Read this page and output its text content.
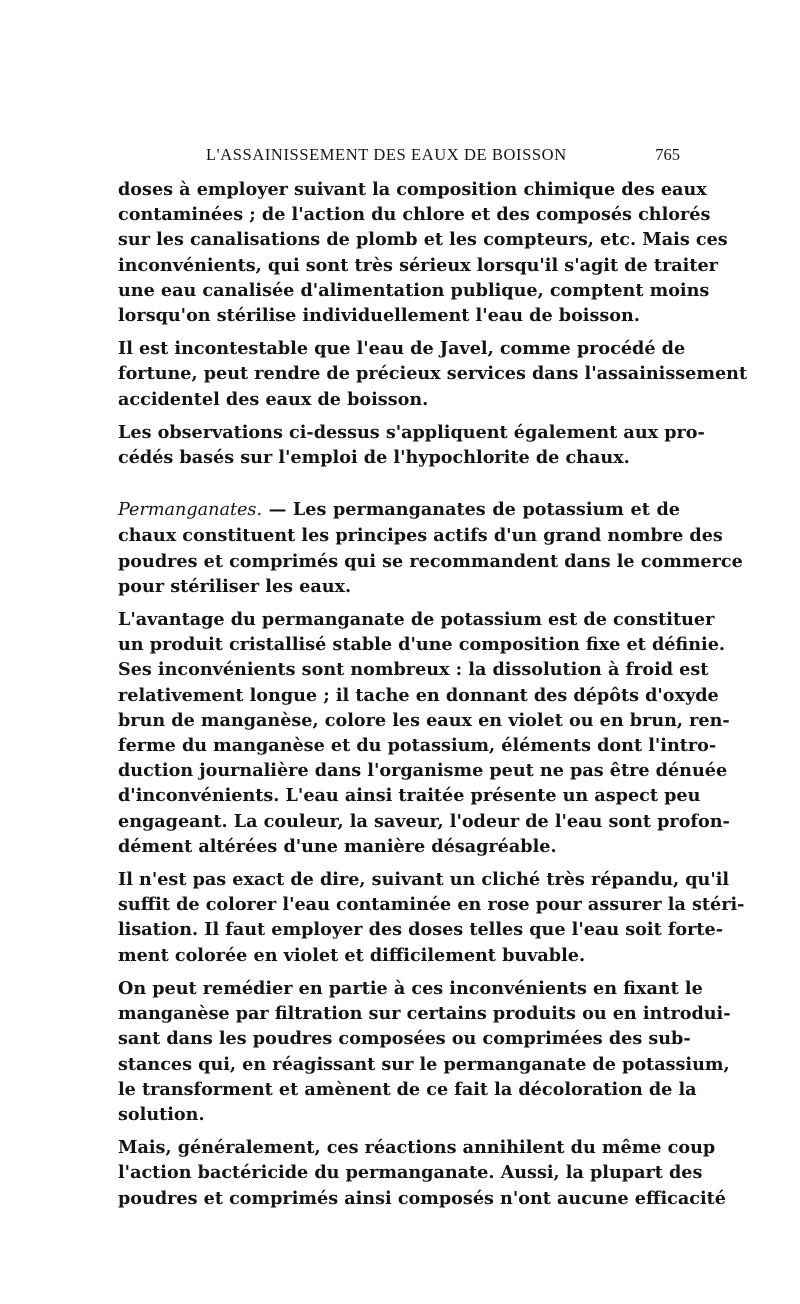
L'ASSAINISSEMENT DES EAUX DE BOISSON	765
doses à employer suivant la composition chimique des eaux
contaminées ; de l'action du chlore et des composés chlorés
sur les canalisations de plomb et les compteurs, etc. Mais ces
inconvénients, qui sont très sérieux lorsqu'il s'agit de traiter
une eau canalisée d'alimentation publique, comptent moins
lorsqu'on stérilise individuellement l'eau de boisson.
Il est incontestable que l'eau de Javel, comme procédé de
fortune, peut rendre de précieux services dans l'assainissement
accidentel des eaux de boisson.
Les observations ci-dessus s'appliquent également aux pro-
cédés basés sur l'emploi de l'hypochlorite de chaux.
Permanganates. — Les permanganates de potassium et de
chaux constituent les principes actifs d'un grand nombre des
poudres et comprimés qui se recommandent dans le commerce
pour stériliser les eaux.
L'avantage du permanganate de potassium est de constituer
un produit cristallisé stable d'une composition fixe et définie.
Ses inconvénients sont nombreux : la dissolution à froid est
relativement longue ; il tache en donnant des dépôts d'oxyde
brun de manganèse, colore les eaux en violet ou en brun, ren-
ferme du manganèse et du potassium, éléments dont l'intro-
duction journalière dans l'organisme peut ne pas être dénuée
d'inconvénients. L'eau ainsi traitée présente un aspect peu
engageant. La couleur, la saveur, l'odeur de l'eau sont profon-
dément altérées d'une manière désagréable.
Il n'est pas exact de dire, suivant un cliché très répandu, qu'il
suffit de colorer l'eau contaminée en rose pour assurer la stéri-
lisation. Il faut employer des doses telles que l'eau soit forte-
ment colorée en violet et difficilement buvable.
On peut remédier en partie à ces inconvénients en fixant le
manganèse par filtration sur certains produits ou en introdui-
sant dans les poudres composées ou comprimées des sub-
stances qui, en réagissant sur le permanganate de potassium,
le transforment et amènent de ce fait la décoloration de la
solution.
Mais, généralement, ces réactions annihilent du même coup
l'action bactéricide du permanganate. Aussi, la plupart des
poudres et comprimés ainsi composés n'ont aucune efficacité
